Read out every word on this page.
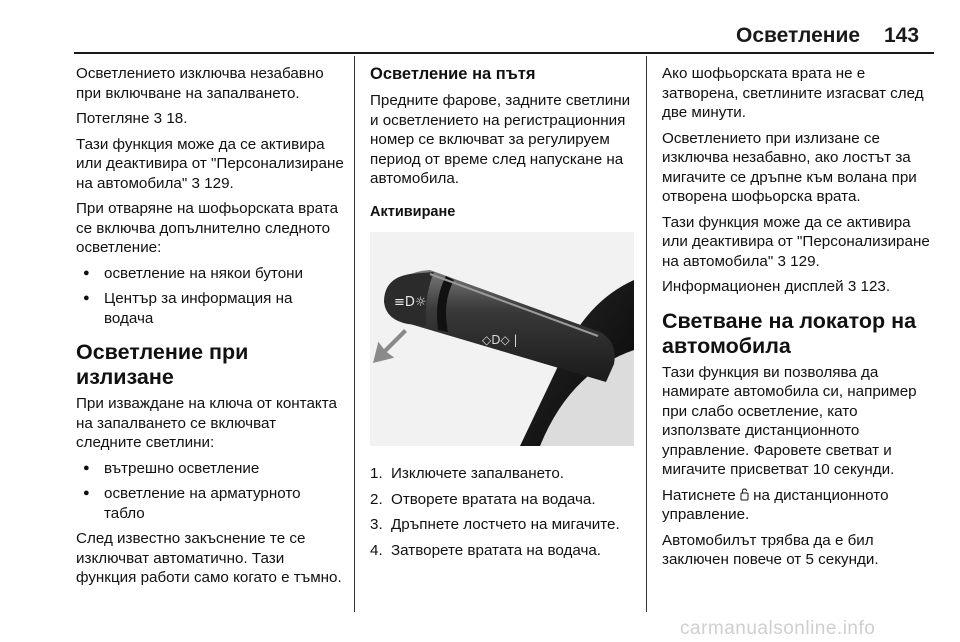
Осветление 143

Осветлението изключва незабавно при включване на запалването.

Потегляне 3 18.

Тази функция може да се активира или деактивира от "Персонализиране на автомобила" 3 129.

При отваряне на шофьорската врата се включва допълнително следното осветление:

● осветление на някои бутони
● Център за информация на водача
Осветление при излизане

При изваждане на ключа от контакта на запалването се включват следните светлини:

● вътрешно осветление
● осветление на арматурното табло

След известно закъснение те се изключват автоматично. Тази функция работи само когато е тъмно.

Осветление на пътя

Предните фарове, задните светлини и осветлението на регистрационния номер се включват за регулируем период от време след напускане на автомобила.

Активиране
≡D☼
◇D◇ |
1. Изключете запалването.
2. Отворете вратата на водача.
3. Дръпнете лостчето на мигачите.
4. Затворете вратата на водача.

Ако шофьорската врата не е затворена, светлините изгасват след две минути.

Осветлението при излизане се изключва незабавно, ако лостът за мигачите се дръпне към волана при отворена шофьорска врата.

Тази функция може да се активира или деактивира от "Персонализиране на автомобила" 3 129.

Информационен дисплей 3 123.

Светване на локатор на автомобила

Тази функция ви позволява да намирате автомобила си, например при слабо осветление, като използвате дистанционното управление. Фаровете светват и мигачите присветват 10 секунди.

Натиснете на дистанционното управление.

Автомобилът трябва да е бил заключен повече от 5 секунди.

carmanualsonline.info
